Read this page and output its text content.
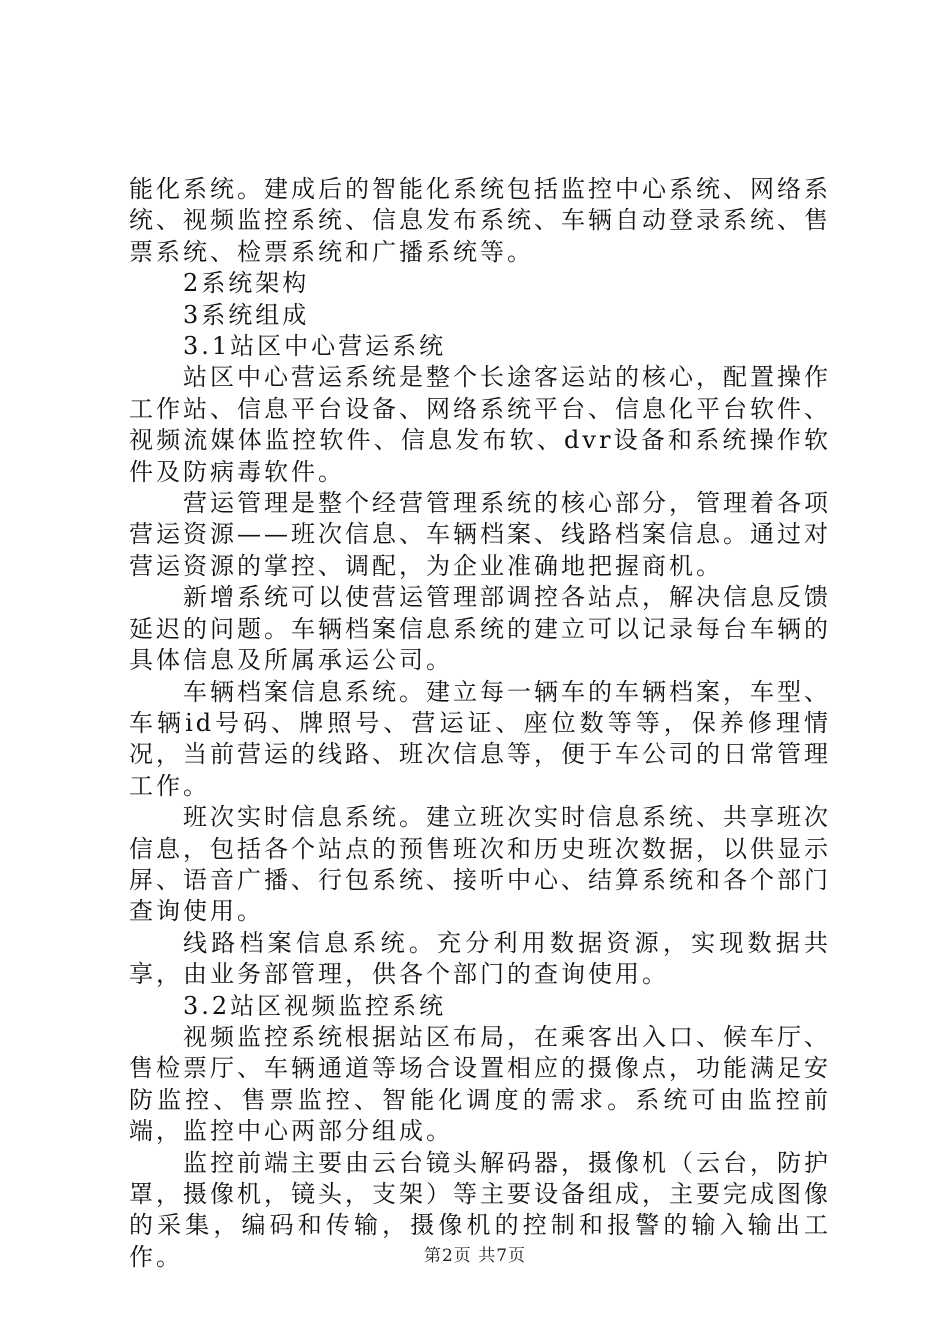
能化系统。建成后的智能化系统包括监控中心系统、网络系统、视频监控系统、信息发布系统、车辆自动登录系统、售票系统、检票系统和广播系统等。

2系统架构

3系统组成

3.1站区中心营运系统

站区中心营运系统是整个长途客运站的核心，配置操作工作站、信息平台设备、网络系统平台、信息化平台软件、视频流媒体监控软件、信息发布软、dvr设备和系统操作软件及防病毒软件。

营运管理是整个经营管理系统的核心部分，管理着各项营运资源——班次信息、车辆档案、线路档案信息。通过对营运资源的掌控、调配，为企业准确地把握商机。

新增系统可以使营运管理部调控各站点，解决信息反馈延迟的问题。车辆档案信息系统的建立可以记录每台车辆的具体信息及所属承运公司。

车辆档案信息系统。建立每一辆车的车辆档案，车型、车辆id号码、牌照号、营运证、座位数等等，保养修理情况，当前营运的线路、班次信息等，便于车公司的日常管理工作。

班次实时信息系统。建立班次实时信息系统、共享班次信息，包括各个站点的预售班次和历史班次数据，以供显示屏、语音广播、行包系统、接听中心、结算系统和各个部门查询使用。

线路档案信息系统。充分利用数据资源，实现数据共享，由业务部管理，供各个部门的查询使用。

3.2站区视频监控系统

视频监控系统根据站区布局，在乘客出入口、候车厅、售检票厅、车辆通道等场合设置相应的摄像点，功能满足安防监控、售票监控、智能化调度的需求。系统可由监控前端，监控中心两部分组成。

监控前端主要由云台镜头解码器，摄像机（云台，防护罩，摄像机，镜头，支架）等主要设备组成，主要完成图像的采集，编码和传输，摄像机的控制和报警的输入输出工作。	第2页 共7页
